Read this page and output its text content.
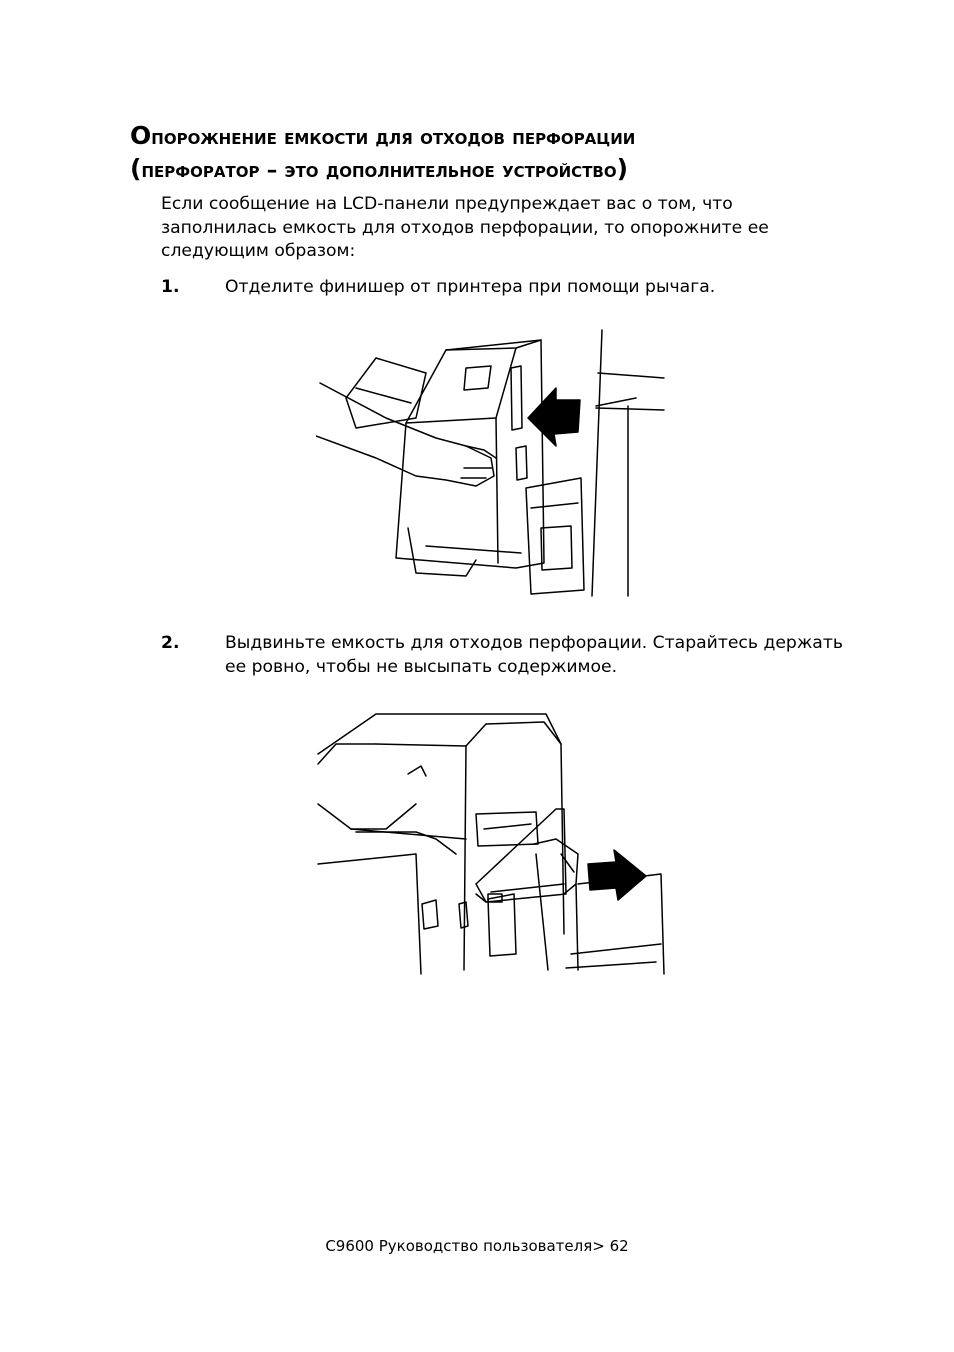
Опорожнение емкости для отходов перфорации
(перфоратор – это дополнительное устройство)

Если сообщение на LCD-панели предупреждает вас о том, что заполнилась емкость для отходов перфорации, то опорожните ее следующим образом:

1.	Отделите финишер от принтера при помощи рычага.
2.	Выдвиньте емкость для отходов перфорации. Старайтесь держать ее ровно, чтобы не высыпать содержимое.
C9600 Руководство пользователя> 62
